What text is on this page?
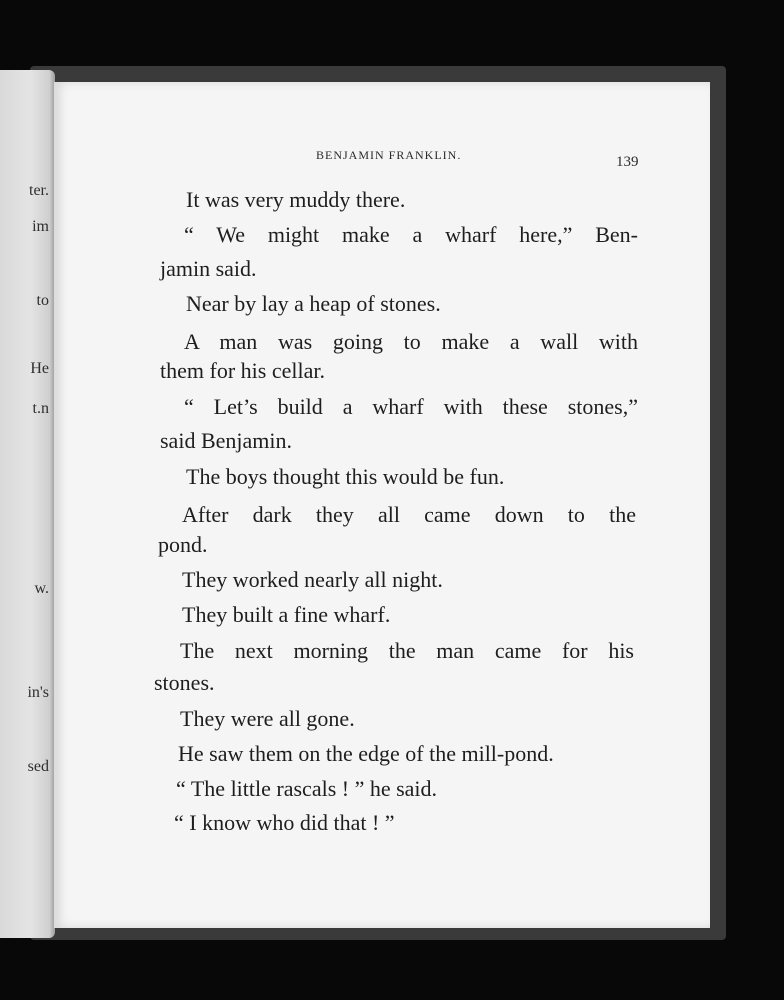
ter.
im
to
He
t.n
w.
in's
sed
BENJAMIN FRANKLIN.	139
It was very muddy there.
“ We might make a wharf here,” Ben-
jamin said.
Near by lay a heap of stones.
A man was going to make a wall with
them for his cellar.
“ Let’s build a wharf with these stones,”
said Benjamin.
The boys thought this would be fun.
After dark they all came down to the
pond.
They worked nearly all night.
They built a fine wharf.
The next morning the man came for his
stones.
They were all gone.
He saw them on the edge of the mill-pond.
“ The little rascals ! ” he said.
“ I know who did that ! ”
